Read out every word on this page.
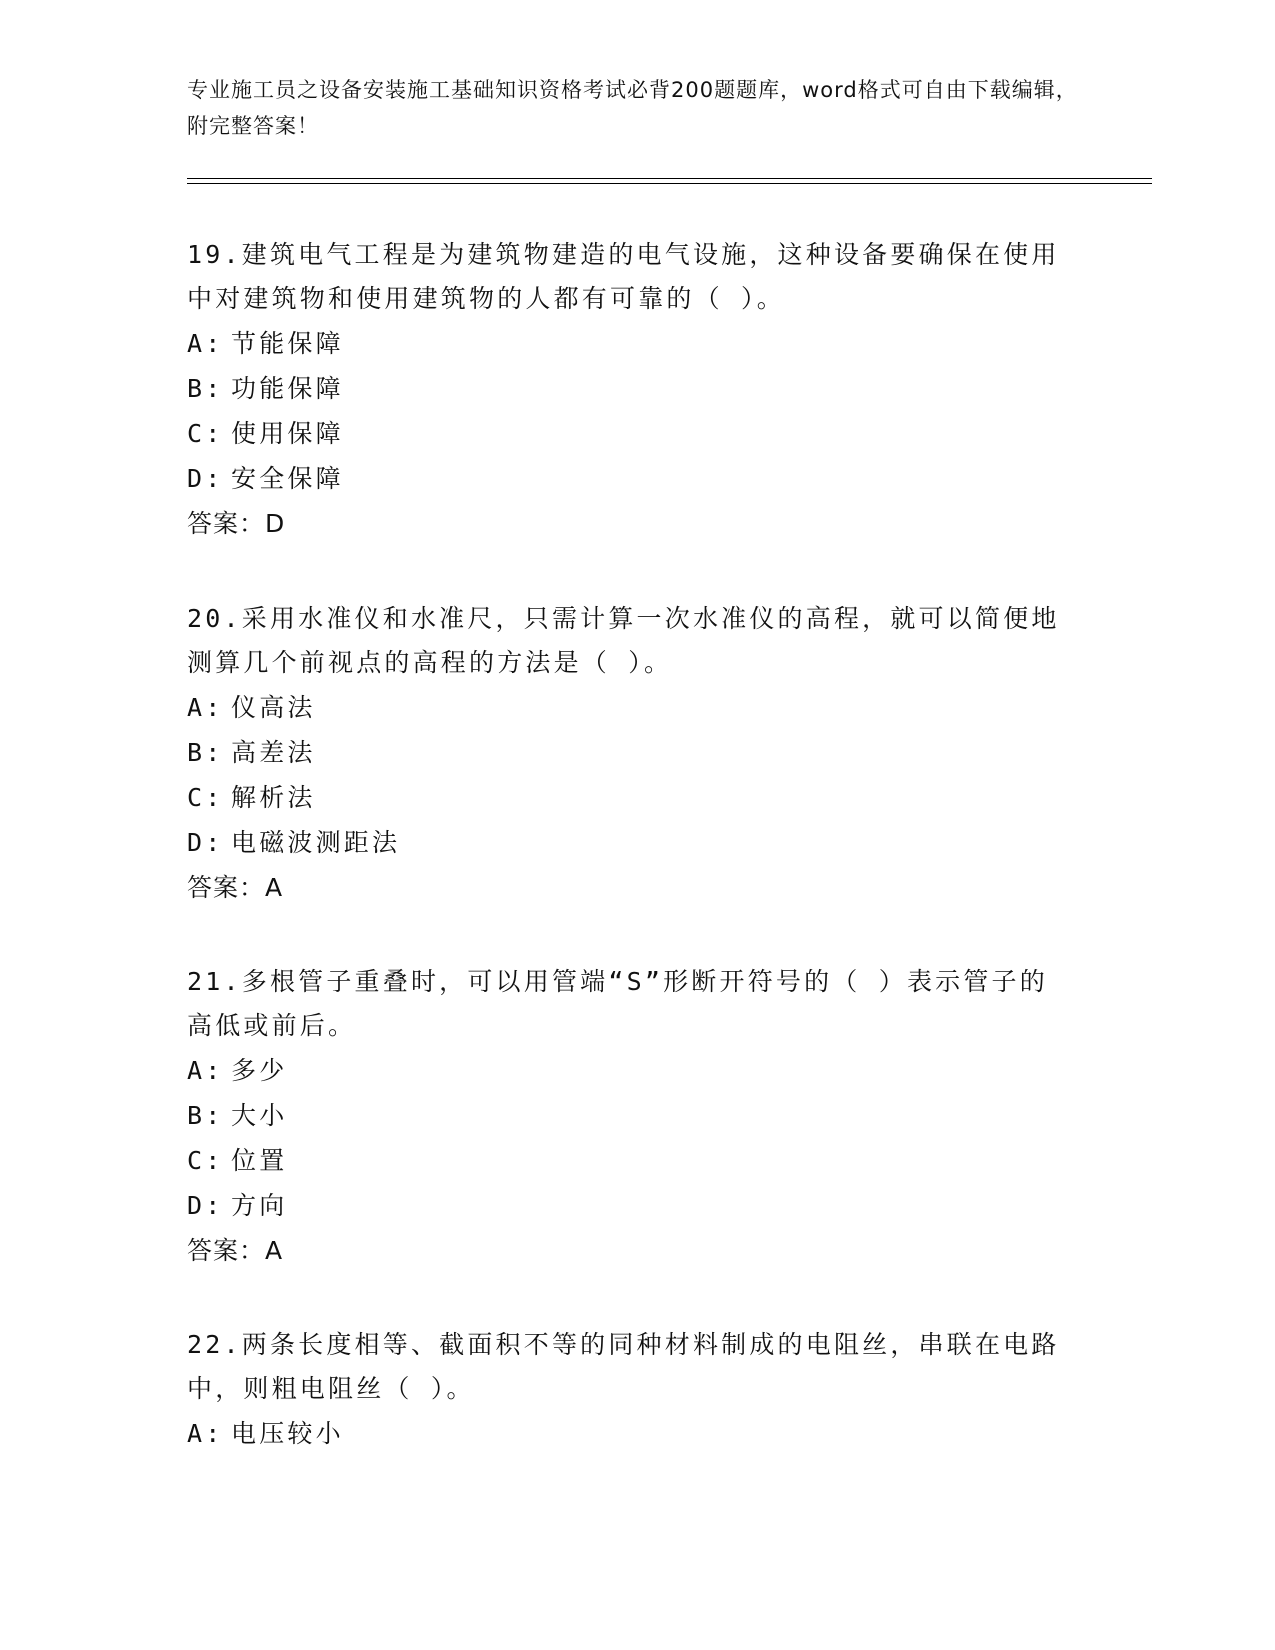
专业施工员之设备安装施工基础知识资格考试必背200题题库，word格式可自由下载编辑，附完整答案！

19.建筑电气工程是为建筑物建造的电气设施，这种设备要确保在使用中对建筑物和使用建筑物的人都有可靠的（ ）。

A: 节能保障

B: 功能保障

C: 使用保障

D: 安全保障

答案：D

20.采用水准仪和水准尺，只需计算一次水准仪的高程，就可以简便地测算几个前视点的高程的方法是（ ）。

A: 仪高法

B: 高差法

C: 解析法

D: 电磁波测距法

答案：A

21.多根管子重叠时，可以用管端“S”形断开符号的（ ）表示管子的高低或前后。

A: 多少

B: 大小

C: 位置

D: 方向

答案：A

22.两条长度相等、截面积不等的同种材料制成的电阻丝，串联在电路中，则粗电阻丝（ ）。

A: 电压较小
